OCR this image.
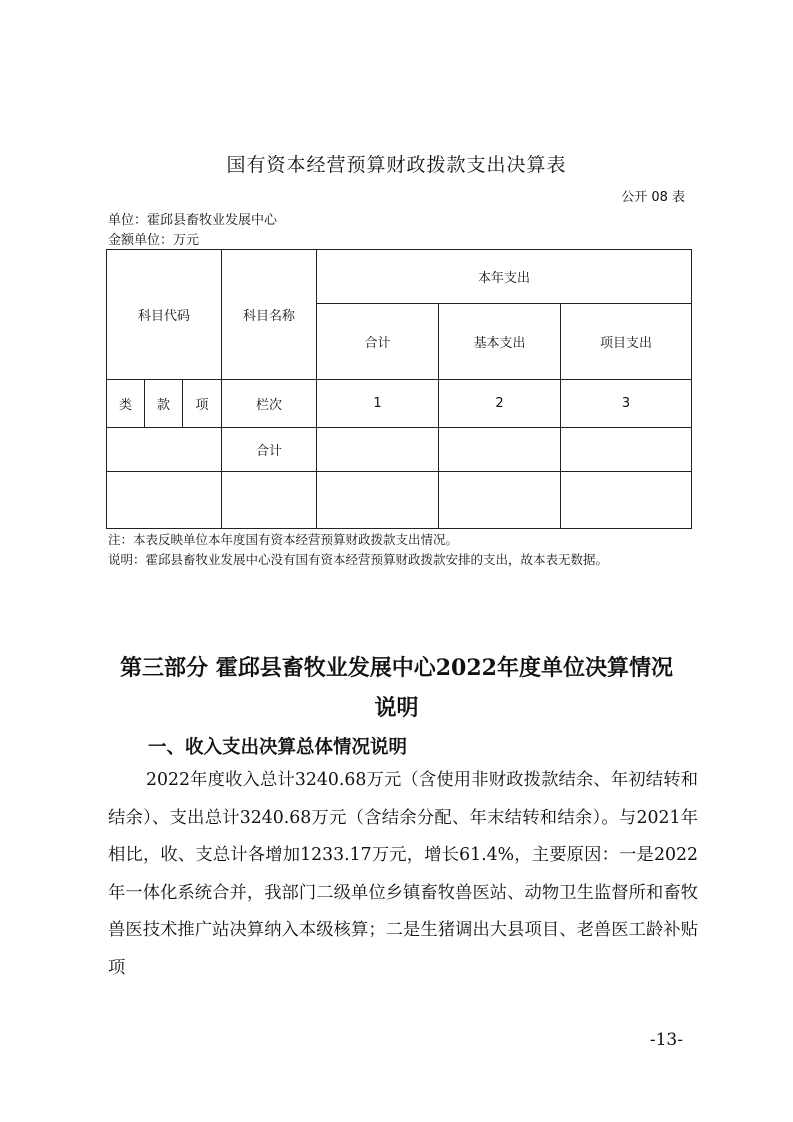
国有资本经营预算财政拨款支出决算表
公开 08 表
单位：霍邱县畜牧业发展中心
金额单位：万元
科目代码			科目名称	本年支出		
				合计	基本支出	项目支出
类	款	项	栏次	1	2	3
			合计			

注：本表反映单位本年度国有资本经营预算财政拨款支出情况。
说明：霍邱县畜牧业发展中心没有国有资本经营预算财政拨款安排的支出，故本表无数据。
第三部分 霍邱县畜牧业发展中心2022年度单位决算情况
说明
一、收入支出决算总体情况说明
2022年度收入总计3240.68万元（含使用非财政拨款结余、年初结转和结余）、支出总计3240.68万元（含结余分配、年末结转和结余）。与2021年相比，收、支总计各增加1233.17万元，增长61.4%，主要原因：一是2022年一体化系统合并，我部门二级单位乡镇畜牧兽医站、动物卫生监督所和畜牧兽医技术推广站决算纳入本级核算；二是生猪调出大县项目、老兽医工龄补贴项
-13-
